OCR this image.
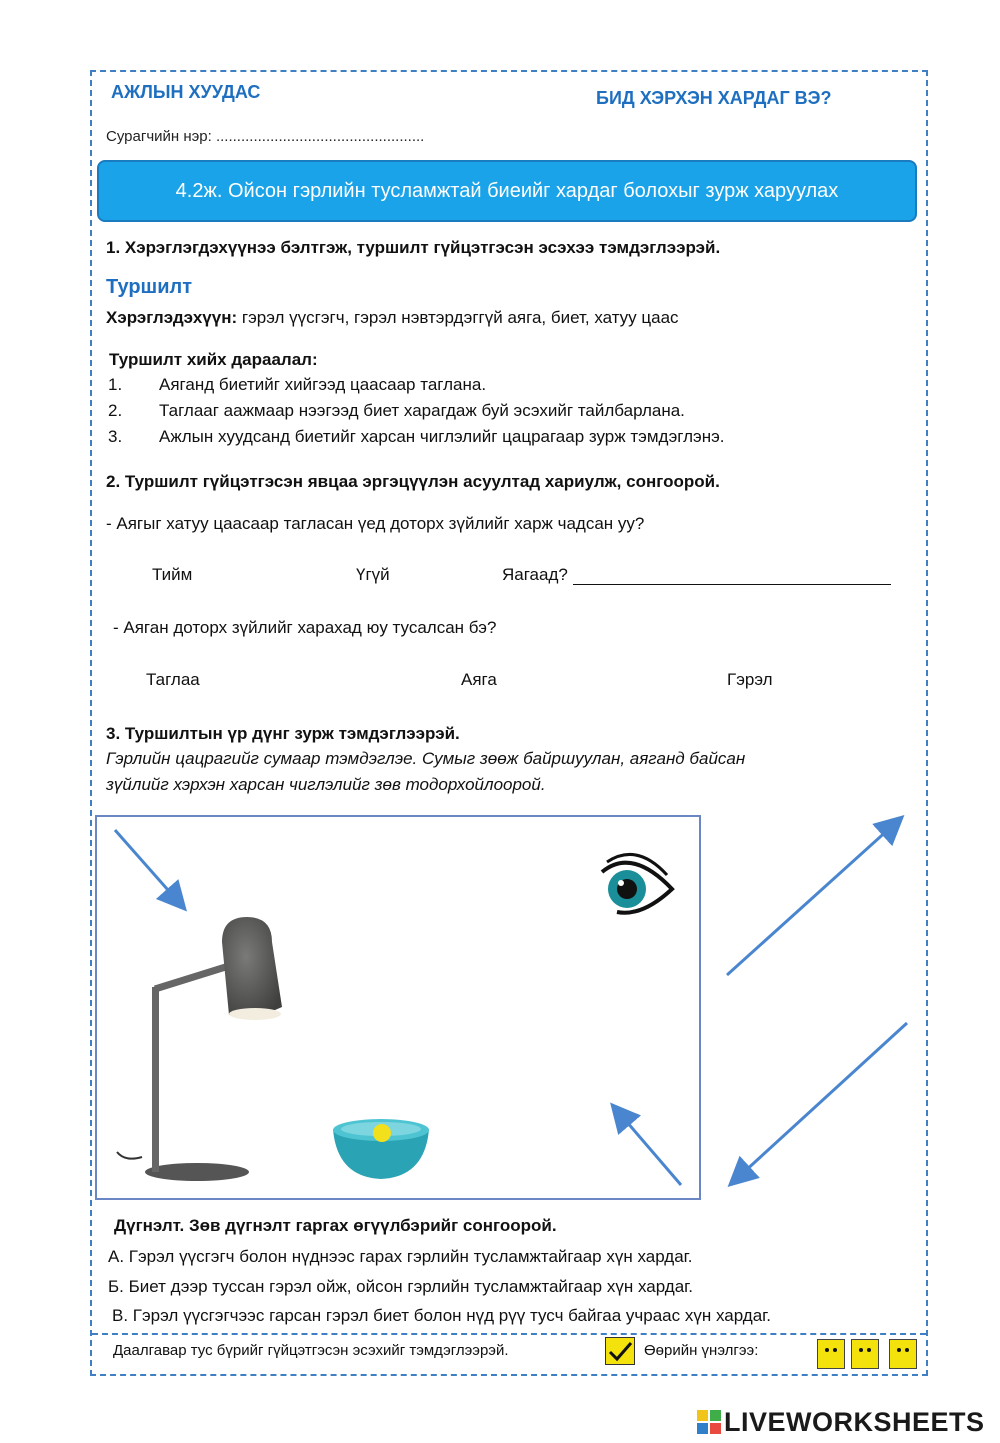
АЖЛЫН ХУУДАС	БИД ХЭРХЭН ХАРДАГ ВЭ?
Сурагчийн нэр: ..................................................
4.2ж. Ойсон гэрлийн тусламжтай биеийг хардаг болохыг зурж харуулах
1. Хэрэглэгдэхүүнээ бэлтгэж, туршилт гүйцэтгэсэн эсэхээ тэмдэглээрэй.
Туршилт
Хэрэглэдэхүүн: гэрэл үүсгэгч, гэрэл нэвтэрдэггүй аяга, биет, хатуу цаас
Туршилт хийх дараалал:
1. Аяганд биетийг хийгээд цаасаар таглана.
2. Таглааг аажмаар нээгээд биет харагдаж буй эсэхийг тайлбарлана.
3. Ажлын хуудсанд биетийг харсан чиглэлийг цацрагаар зурж тэмдэглэнэ.
2. Туршилт гүйцэтгэсэн явцаа эргэцүүлэн асуултад хариулж, сонгоорой.
- Аягыг хатуу цаасаар тагласан үед доторх зүйлийг харж чадсан уу?
Тийм	Үгүй	Яагаад?
- Аяган доторх зүйлийг харахад юу тусалсан бэ?
Таглаа	Аяга	Гэрэл
3. Туршилтын үр дүнг зурж тэмдэглээрэй.
Гэрлийн цацрагийг сумаар тэмдэглэе. Сумыг зөөж байршуулан, аяганд байсан
зүйлийг хэрхэн харсан чиглэлийг зөв тодорхойлоорой.
Дүгнэлт. Зөв дүгнэлт гаргах өгүүлбэрийг сонгоорой.
А. Гэрэл үүсгэгч болон нүднээс гарах гэрлийн тусламжтайгаар хүн хардаг.
Б. Биет дээр туссан гэрэл ойж, ойсон гэрлийн тусламжтайгаар хүн хардаг.
В. Гэрэл үүсгэгчээс гарсан гэрэл биет болон нүд рүү тусч байгаа учраас хүн хардаг.
Даалгавар тус бүрийг гүйцэтгэсэн эсэхийг тэмдэглээрэй.	Өөрийн үнэлгээ:
LIVEWORKSHEETS
